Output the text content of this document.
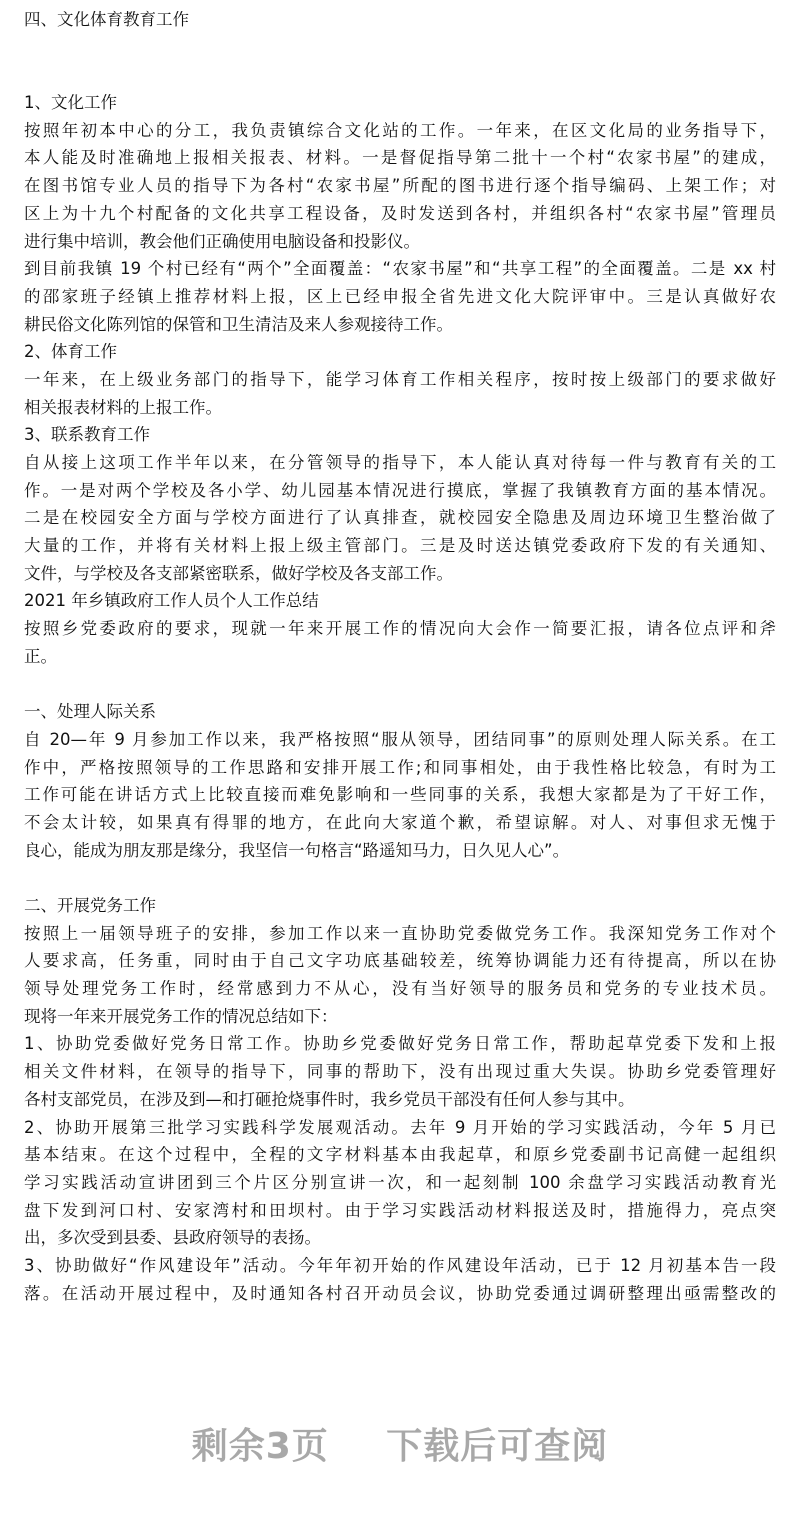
四、文化体育教育工作
1、文化工作
按照年初本中心的分工，我负责镇综合文化站的工作。一年来，在区文化局的业务指导下，
本人能及时准确地上报相关报表、材料。一是督促指导第二批十一个村“农家书屋”的建成，
在图书馆专业人员的指导下为各村“农家书屋”所配的图书进行逐个指导编码、上架工作；对
区上为十九个村配备的文化共享工程设备，及时发送到各村，并组织各村“农家书屋”管理员
进行集中培训，教会他们正确使用电脑设备和投影仪。
到目前我镇 19 个村已经有“两个”全面覆盖：“农家书屋”和“共享工程”的全面覆盖。二是 xx 村
的邵家班子经镇上推荐材料上报，区上已经申报全省先进文化大院评审中。三是认真做好农
耕民俗文化陈列馆的保管和卫生清洁及来人参观接待工作。
2、体育工作
一年来，在上级业务部门的指导下，能学习体育工作相关程序，按时按上级部门的要求做好
相关报表材料的上报工作。
3、联系教育工作
自从接上这项工作半年以来，在分管领导的指导下，本人能认真对待每一件与教育有关的工
作。一是对两个学校及各小学、幼儿园基本情况进行摸底，掌握了我镇教育方面的基本情况。
二是在校园安全方面与学校方面进行了认真排查，就校园安全隐患及周边环境卫生整治做了
大量的工作，并将有关材料上报上级主管部门。三是及时送达镇党委政府下发的有关通知、
文件，与学校及各支部紧密联系，做好学校及各支部工作。
2021 年乡镇政府工作人员个人工作总结
按照乡党委政府的要求，现就一年来开展工作的情况向大会作一简要汇报，请各位点评和斧
正。
一、处理人际关系
自 20—年 9 月参加工作以来，我严格按照“服从领导，团结同事”的原则处理人际关系。在工
作中，严格按照领导的工作思路和安排开展工作;和同事相处，由于我性格比较急，有时为工
工作可能在讲话方式上比较直接而难免影响和一些同事的关系，我想大家都是为了干好工作，
不会太计较，如果真有得罪的地方，在此向大家道个歉，希望谅解。对人、对事但求无愧于
良心，能成为朋友那是缘分，我坚信一句格言“路遥知马力，日久见人心”。
二、开展党务工作
按照上一届领导班子的安排，参加工作以来一直协助党委做党务工作。我深知党务工作对个
人要求高，任务重，同时由于自己文字功底基础较差，统筹协调能力还有待提高，所以在协
领导处理党务工作时，经常感到力不从心，没有当好领导的服务员和党务的专业技术员。
现将一年来开展党务工作的情况总结如下：
1、协助党委做好党务日常工作。协助乡党委做好党务日常工作，帮助起草党委下发和上报
相关文件材料，在领导的指导下，同事的帮助下，没有出现过重大失误。协助乡党委管理好
各村支部党员，在涉及到—和打砸抢烧事件时，我乡党员干部没有任何人参与其中。
2、协助开展第三批学习实践科学发展观活动。去年 9 月开始的学习实践活动，今年 5 月已
基本结束。在这个过程中，全程的文字材料基本由我起草，和原乡党委副书记高健一起组织
学习实践活动宣讲团到三个片区分别宣讲一次，和一起刻制 100 余盘学习实践活动教育光
盘下发到河口村、安家湾村和田坝村。由于学习实践活动材料报送及时，措施得力，亮点突
出，多次受到县委、县政府领导的表扬。
3、协助做好“作风建设年”活动。今年年初开始的作风建设年活动，已于 12 月初基本告一段
落。在活动开展过程中，及时通知各村召开动员会议，协助党委通过调研整理出亟需整改的
剩余3页 下载后可查阅
